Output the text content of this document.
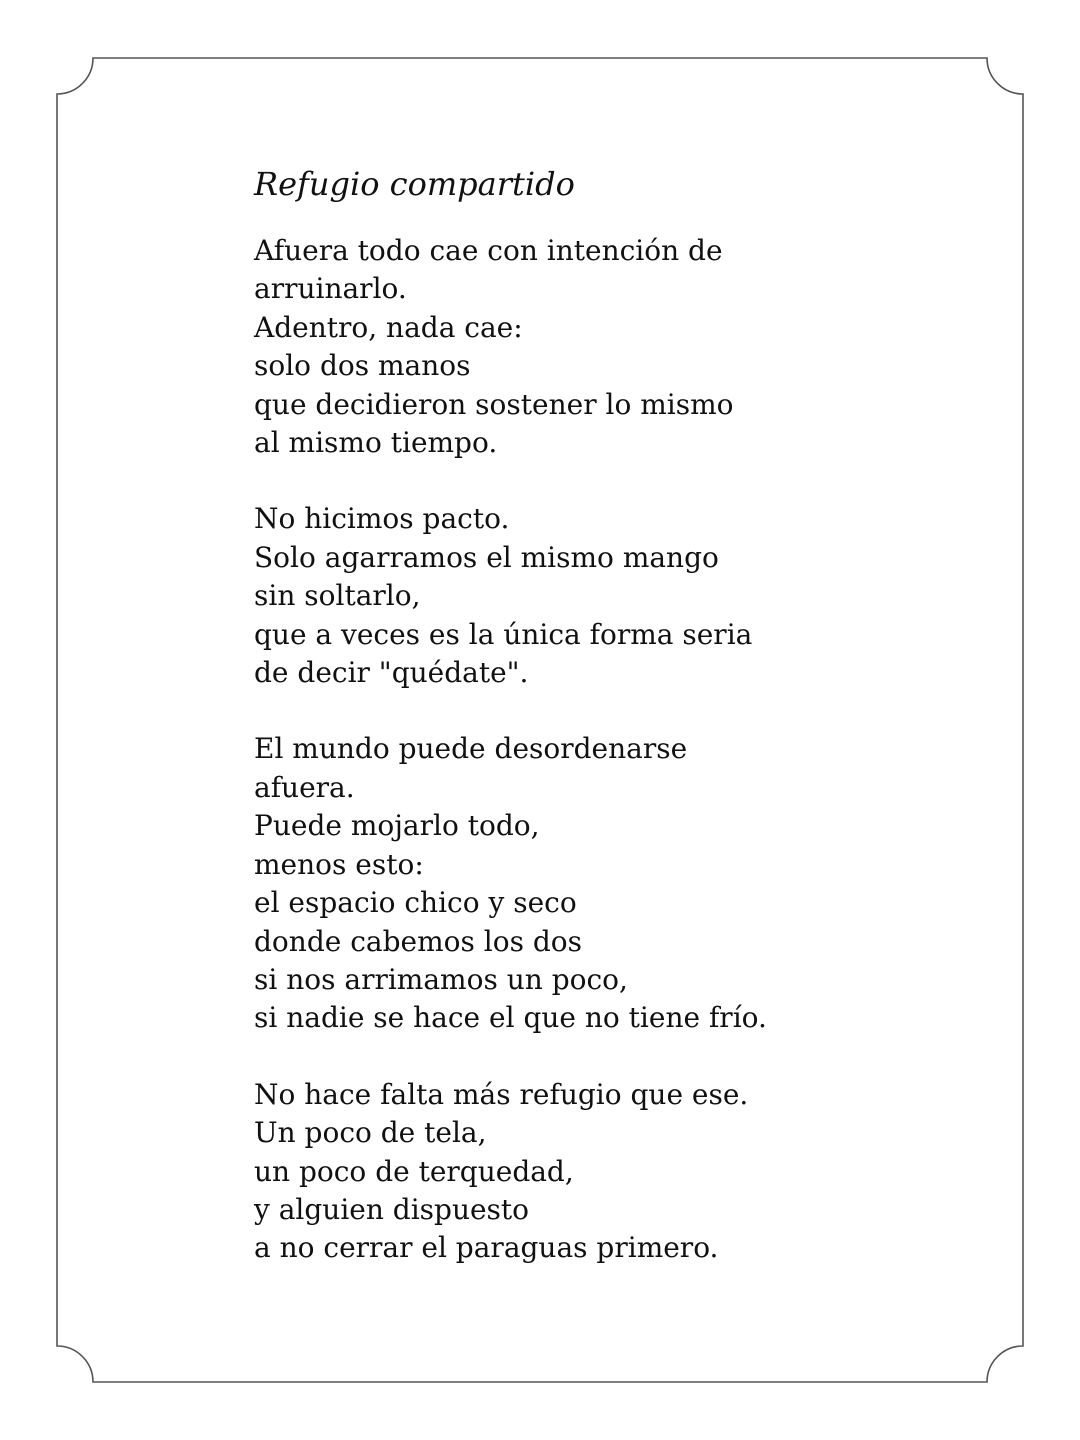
Refugio compartido
Afuera todo cae con intención de
arruinarlo.
Adentro, nada cae:
solo dos manos
que decidieron sostener lo mismo
al mismo tiempo.
No hicimos pacto.
Solo agarramos el mismo mango
sin soltarlo,
que a veces es la única forma seria
de decir "quédate".
El mundo puede desordenarse
afuera.
Puede mojarlo todo,
menos esto:
el espacio chico y seco
donde cabemos los dos
si nos arrimamos un poco,
si nadie se hace el que no tiene frío.
No hace falta más refugio que ese.
Un poco de tela,
un poco de terquedad,
y alguien dispuesto
a no cerrar el paraguas primero.
